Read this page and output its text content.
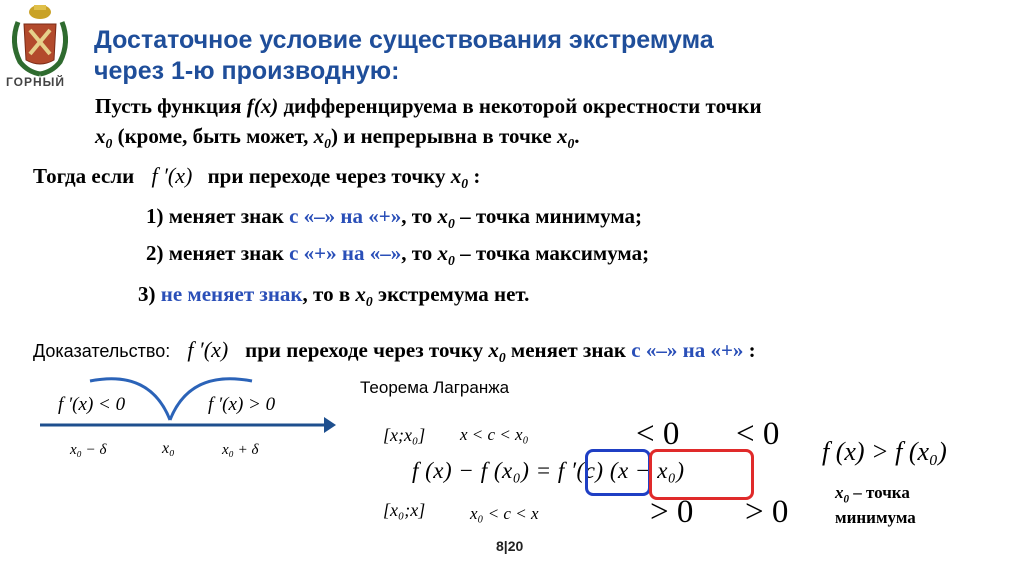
ГОРНЫЙ
Достаточное условие существования экстремума
через 1-ю производную:
Пусть функция f(x) дифференцируема в некоторой окрестности точки
$x_0$ (кроме, быть может, $x_0$) и непрерывна в точке $x_0$.
Тогда если f ′(x) при переходе через точку $x_0$ :
1) меняет знак с «–» на «+», то $x_0$ – точка минимума;
2) меняет знак с «+» на «–», то $x_0$ – точка максимума;
3) не меняет знак, то в $x_0$ экстремума нет.
Доказательство: f ′(x) при переходе через точку $x_0$ меняет знак с «–» на «+» :
f ′(x) < 0	f ′(x) > 0
x₀ − δ	x₀	x₀ + δ
Теорема Лагранжа
[x;x₀] x < c < x₀	< 0 < 0
f (x) − f (x₀) = f ′(c) (x − x₀)
[x₀;x]	x₀ < c < x	> 0 > 0
f (x) > f (x₀)
$x_0$ – точка
минимума
8|20
